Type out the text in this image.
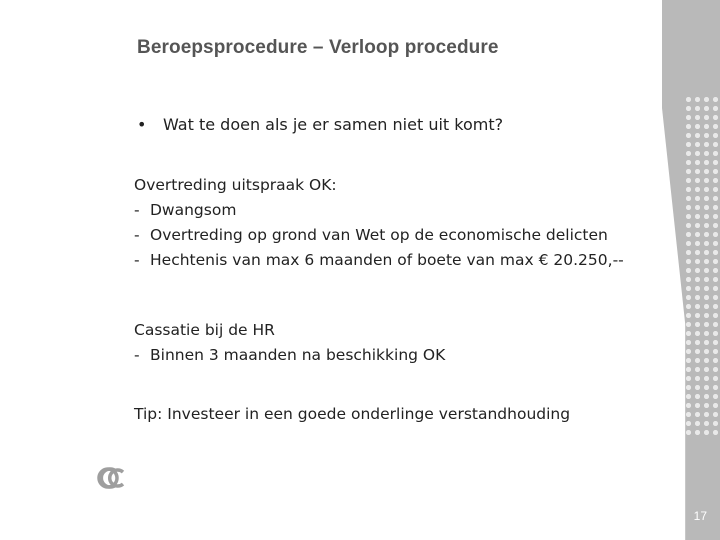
17
Beroepsprocedure – Verloop procedure
•	Wat te doen als je er samen niet uit komt?

Overtreding uitspraak OK:

- Dwangsom
- Overtreding op grond van Wet op de economische delicten
- Hechtenis van max 6 maanden of boete van max € 20.250,--

Cassatie bij de HR

- Binnen 3 maanden na beschikking OK

Tip: Investeer in een goede onderlinge verstandhouding
